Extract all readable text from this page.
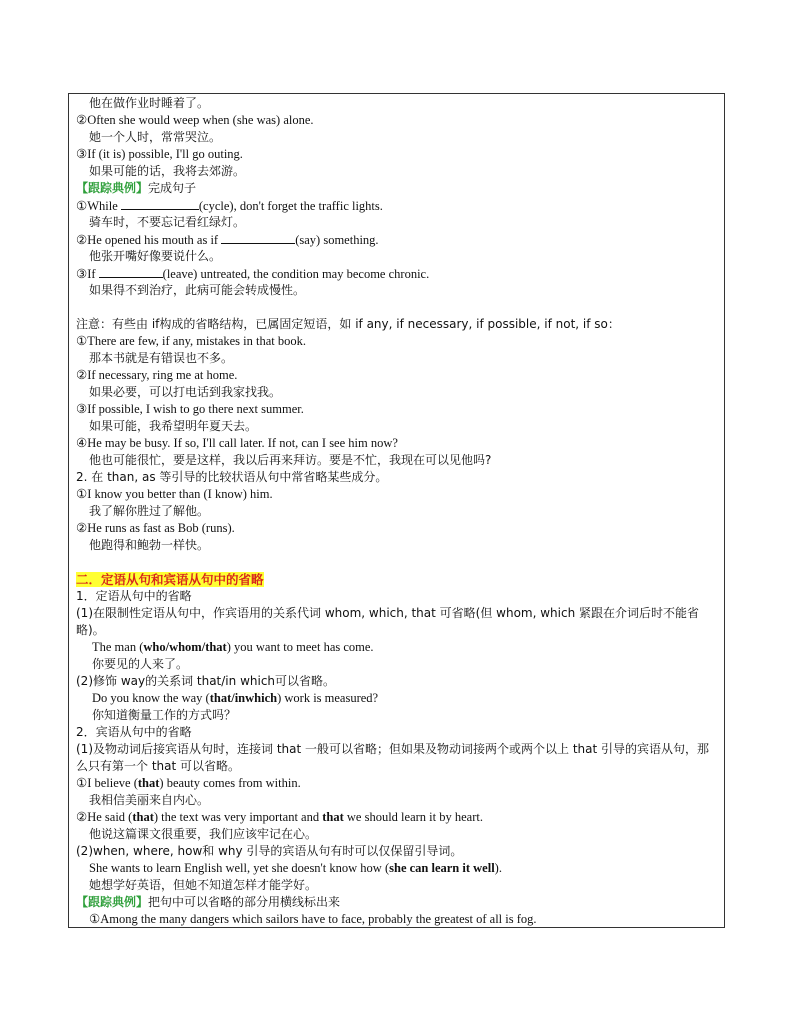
他在做作业时睡着了。
②Often she would weep when (she was) alone.
她一个人时，常常哭泣。
③If (it is) possible, I'll go outing.
如果可能的话，我将去郊游。
【跟踪典例】完成句子
①While	(cycle), don't forget the traffic lights.
骑车时，不要忘记看红绿灯。
②He opened his mouth as if	(say) something.
他张开嘴好像要说什么。
③If	(leave) untreated, the condition may become chronic.
如果得不到治疗，此病可能会转成慢性。
注意：有些由 if构成的省略结构，已属固定短语，如 if any, if necessary, if possible, if not, if so：
①There are few, if any, mistakes in that book.
那本书就是有错误也不多。
②If necessary, ring me at home.
如果必要，可以打电话到我家找我。
③If possible, I wish to go there next summer.
如果可能，我希望明年夏天去。
④He may be busy. If so, I'll call later. If not, can I see him now?
他也可能很忙，要是这样，我以后再来拜访。要是不忙，我现在可以见他吗?
2. 在 than, as 等引导的比较状语从句中常省略某些成分。
①I know you better than (I know) him.
我了解你胜过了解他。
②He runs as fast as Bob (runs).
他跑得和鲍勃一样快。
二．定语从句和宾语从句中的省略
1．定语从句中的省略
(1)在限制性定语从句中，作宾语用的关系代词 whom, which, that 可省略(但 whom, which 紧跟在介词后时不能省略)。
The man (who/whom/that) you want to meet has come.
你要见的人来了。
(2)修饰 way的关系词 that/in which可以省略。
Do you know the way (that/inwhich) work is measured?
你知道衡量工作的方式吗？
2．宾语从句中的省略
(1)及物动词后接宾语从句时，连接词 that 一般可以省略；但如果及物动词接两个或两个以上 that 引导的宾语从句，那么只有第一个 that 可以省略。
①I believe (that) beauty comes from within.
我相信美丽来自内心。
②He said (that) the text was very important and that we should learn it by heart.
他说这篇课文很重要，我们应该牢记在心。
(2)when, where, how和 why 引导的宾语从句有时可以仅保留引导词。
She wants to learn English well, yet she doesn't know how (she can learn it well).
她想学好英语，但她不知道怎样才能学好。
【跟踪典例】把句中可以省略的部分用横线标出来
①Among the many dangers which sailors have to face, probably the greatest of all is fog.
